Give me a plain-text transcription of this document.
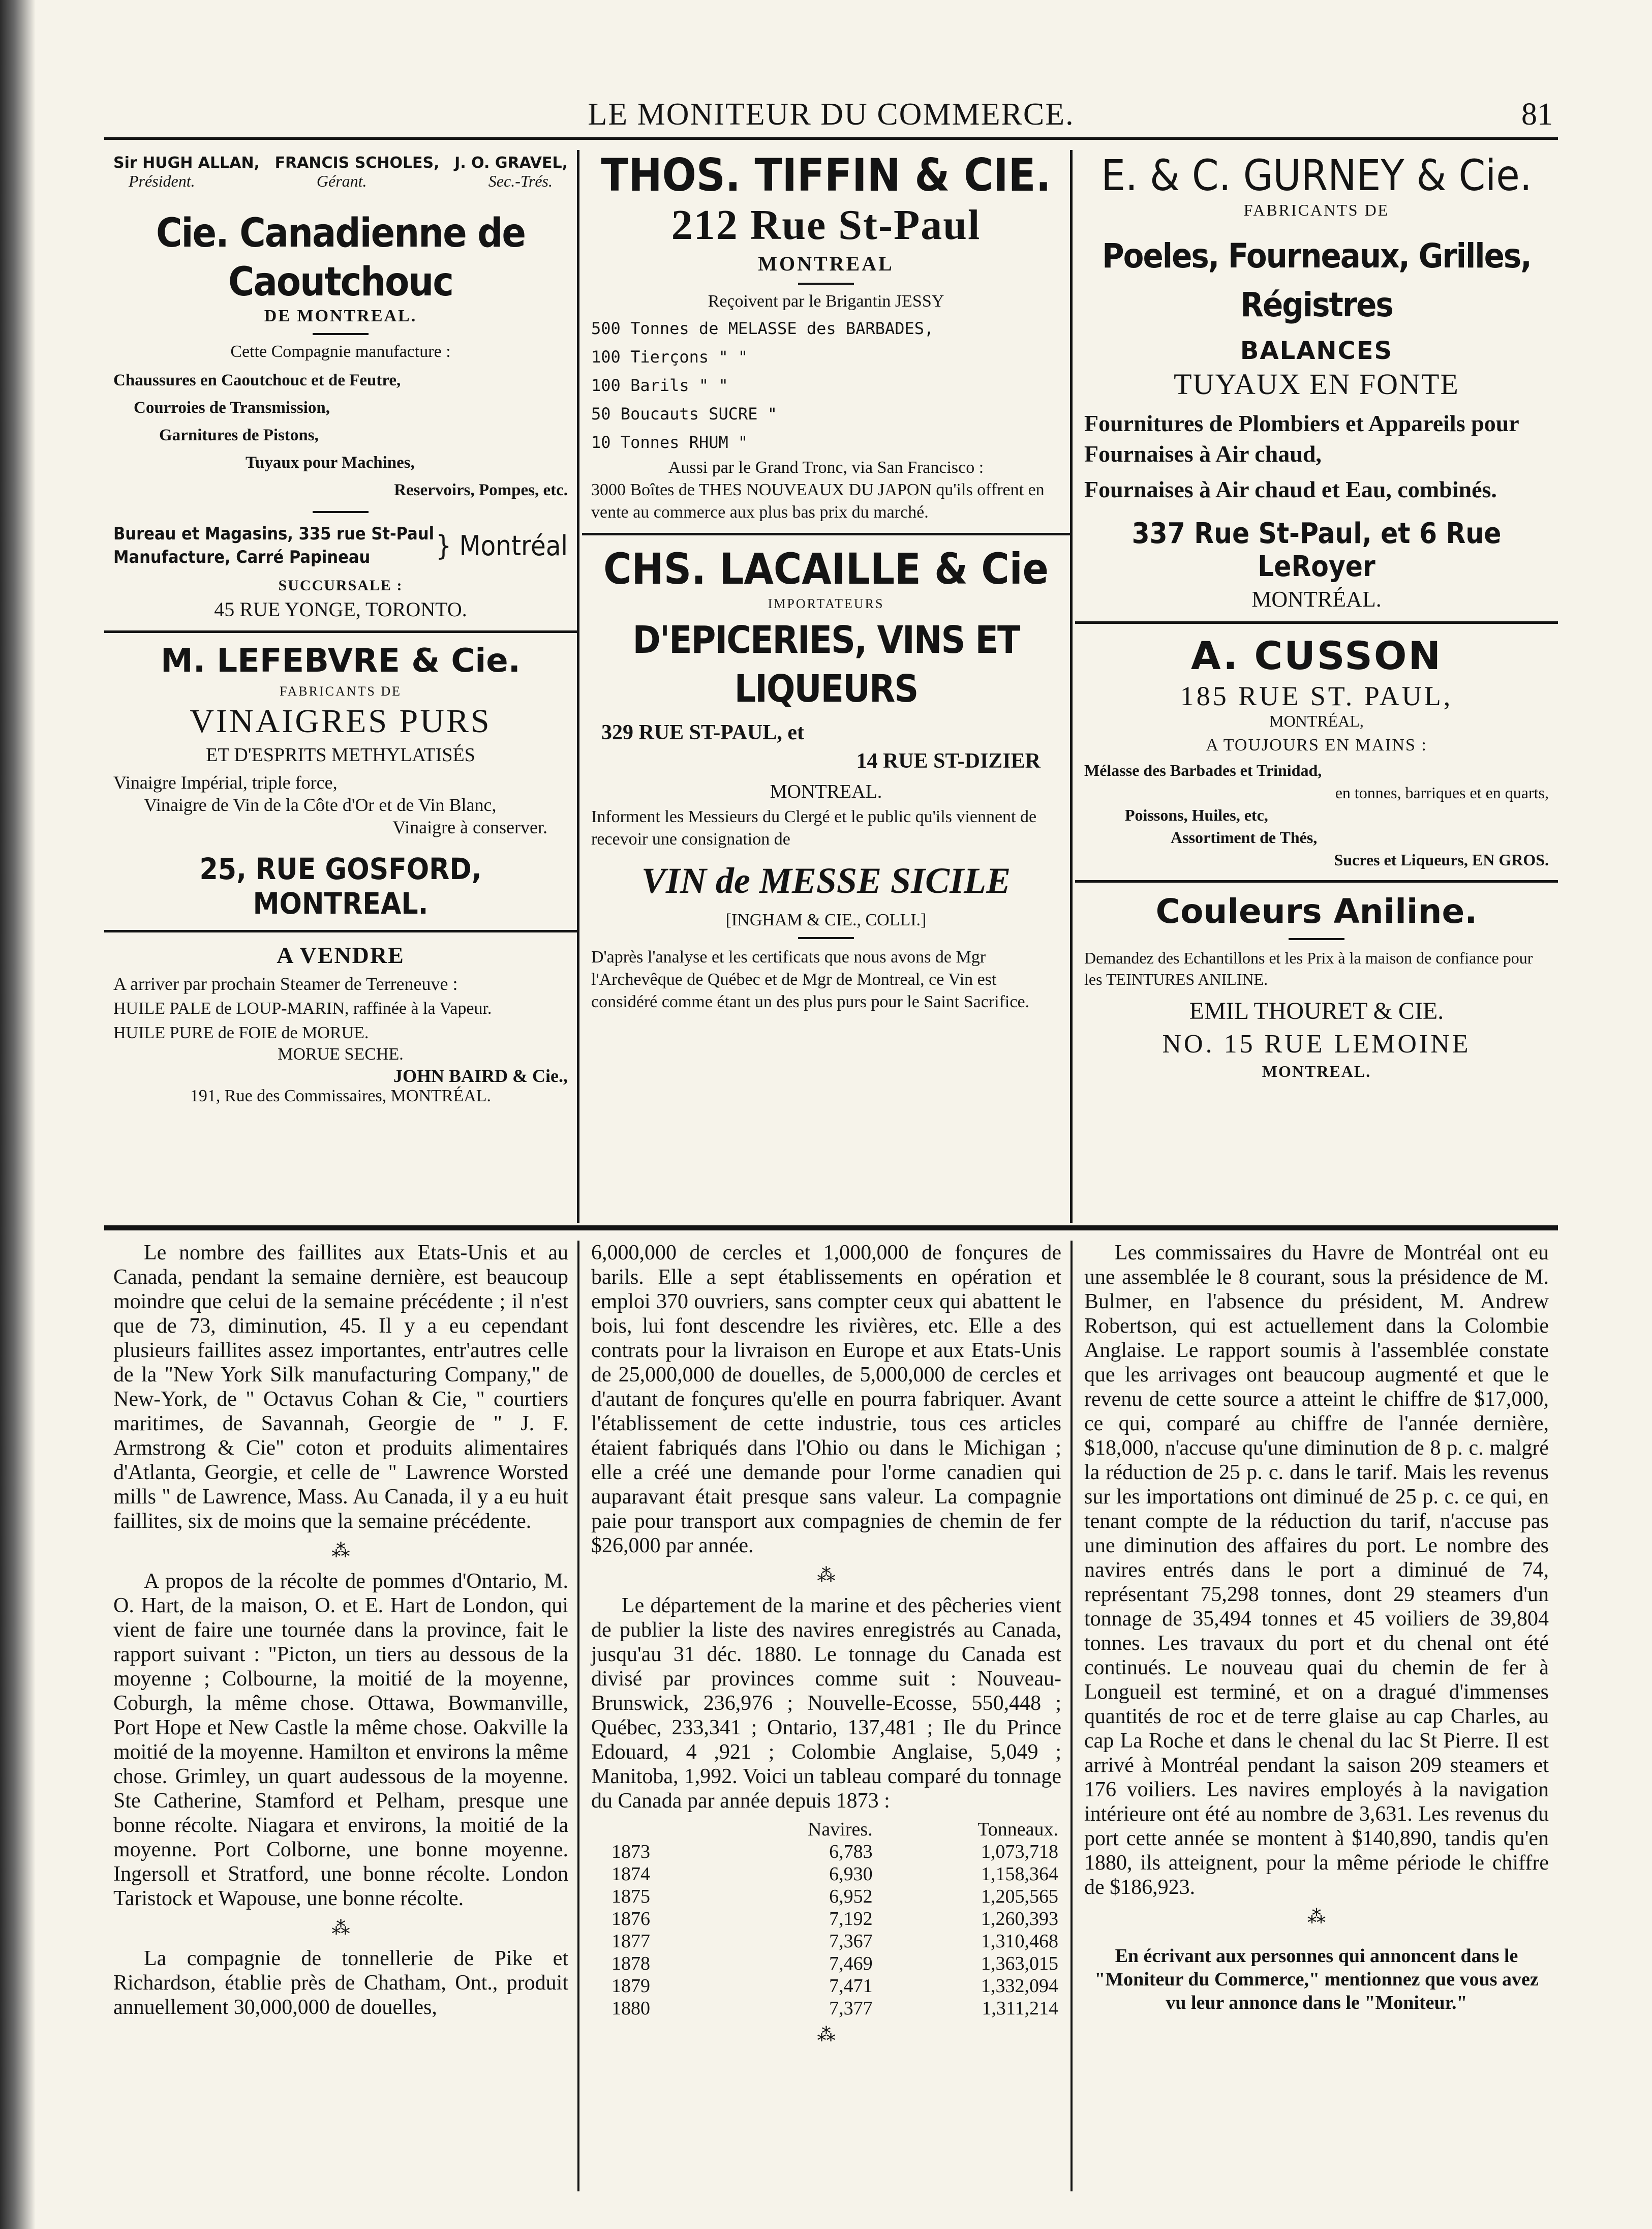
LE MONITEUR DU COMMERCE.	81
Sir HUGH ALLAN, FRANCIS SCHOLES, J. O. GRAVEL,
Président.	Gérant.	Sec.-Trés.
Cie. Canadienne de Caoutchouc
DE MONTREAL.
Cette Compagnie manufacture :
Chaussures en Caoutchouc et de Feutre,
Courroies de Transmission,
Garnitures de Pistons,
Tuyaux pour Machines,
Reservoirs, Pompes, etc.
Bureau et Magasins, 335 rue St-Paul
Manufacture, Carré Papineau	} Montréal
SUCCURSALE :
45 RUE YONGE, TORONTO.
M. LEFEBVRE & Cie.
FABRICANTS DE
VINAIGRES PURS
ET D'ESPRITS METHYLATISÉS
Vinaigre Impérial, triple force,
Vinaigre de Vin de la Côte d'Or et de Vin Blanc,
Vinaigre à conserver.
25, RUE GOSFORD, MONTREAL.
A VENDRE
A arriver par prochain Steamer de Terreneuve :
HUILE PALE de LOUP-MARIN, raffinée à la Vapeur.
HUILE PURE de FOIE de MORUE.
MORUE SECHE.
JOHN BAIRD & Cie.,
191, Rue des Commissaires, MONTRÉAL.
THOS. TIFFIN & CIE.
212 Rue St-Paul
MONTREAL
Reçoivent par le Brigantin JESSY
500 Tonnes de MELASSE des BARBADES,
100 Tierçons " "
100 Barils " "
50 Boucauts SUCRE "
10 Tonnes RHUM "
Aussi par le Grand Tronc, via San Francisco :
3000 Boîtes de THES NOUVEAUX DU JAPON qu'ils offrent en vente au commerce aux plus bas prix du marché.
CHS. LACAILLE & Cie
IMPORTATEURS
D'EPICERIES, VINS ET LIQUEURS
329 RUE ST-PAUL, et
14 RUE ST-DIZIER
MONTREAL.
Informent les Messieurs du Clergé et le public qu'ils viennent de recevoir une consignation de
VIN de MESSE SICILE
[INGHAM & CIE., COLLI.]
D'après l'analyse et les certificats que nous avons de Mgr l'Archevêque de Québec et de Mgr de Montreal, ce Vin est considéré comme étant un des plus purs pour le Saint Sacrifice.
E. & C. GURNEY & Cie.
FABRICANTS DE
Poeles, Fourneaux, Grilles, Régistres
BALANCES
TUYAUX EN FONTE
Fournitures de Plombiers et Appareils pour Fournaises à Air chaud,
Fournaises à Air chaud et Eau, combinés.
337 Rue St-Paul, et 6 Rue LeRoyer
MONTRÉAL.
A. CUSSON
185 RUE ST. PAUL,
MONTRÉAL,
A TOUJOURS EN MAINS :
Mélasse des Barbades et Trinidad,
en tonnes, barriques et en quarts,
Poissons, Huiles, etc,
Assortiment de Thés,
Sucres et Liqueurs, EN GROS.
Couleurs Aniline.
Demandez des Echantillons et les Prix à la maison de confiance pour les TEINTURES ANILINE.
EMIL THOURET & CIE.
NO. 15 RUE LEMOINE
MONTREAL.

Le nombre des faillites aux Etats-Unis et au Canada, pendant la semaine dernière, est beaucoup moindre que celui de la semaine précédente ; il n'est que de 73, diminution, 45. Il y a eu cependant plusieurs faillites assez importantes, entr'autres celle de la "New York Silk manufacturing Company," de New-York, de " Octavus Cohan & Cie, " courtiers maritimes, de Savannah, Georgie de " J. F. Armstrong & Cie" coton et produits alimentaires d'Atlanta, Georgie, et celle de " Lawrence Worsted mills " de Lawrence, Mass. Au Canada, il y a eu huit faillites, six de moins que la semaine précédente.

⁂

A propos de la récolte de pommes d'Ontario, M. O. Hart, de la maison, O. et E. Hart de London, qui vient de faire une tournée dans la province, fait le rapport suivant : "Picton, un tiers au dessous de la moyenne ; Colbourne, la moitié de la moyenne, Coburgh, la même chose. Ottawa, Bowmanville, Port Hope et New Castle la même chose. Oakville la moitié de la moyenne. Hamilton et environs la même chose. Grimley, un quart audessous de la moyenne. Ste Catherine, Stamford et Pelham, presque une bonne récolte. Niagara et environs, la moitié de la moyenne. Port Colborne, une bonne moyenne. Ingersoll et Stratford, une bonne récolte. London Taristock et Wapouse, une bonne récolte.

⁂

La compagnie de tonnellerie de Pike et Richardson, établie près de Chatham, Ont., produit annuellement 30,000,000 de douelles,

6,000,000 de cercles et 1,000,000 de fonçures de barils. Elle a sept établissements en opération et emploi 370 ouvriers, sans compter ceux qui abattent le bois, lui font descendre les rivières, etc. Elle a des contrats pour la livraison en Europe et aux Etats-Unis de 25,000,000 de douelles, de 5,000,000 de cercles et d'autant de fonçures qu'elle en pourra fabriquer. Avant l'établissement de cette industrie, tous ces articles étaient fabriqués dans l'Ohio ou dans le Michigan ; elle a créé une demande pour l'orme canadien qui auparavant était presque sans valeur. La compagnie paie pour transport aux compagnies de chemin de fer $26,000 par année.

⁂

Le département de la marine et des pêcheries vient de publier la liste des navires enregistrés au Canada, jusqu'au 31 déc. 1880. Le tonnage du Canada est divisé par provinces comme suit : Nouveau-Brunswick, 236,976 ; Nouvelle-Ecosse, 550,448 ; Québec, 233,341 ; Ontario, 137,481 ; Ile du Prince Edouard, 4 ,921 ; Colombie Anglaise, 5,049 ; Manitoba, 1,992. Voici un tableau comparé du tonnage du Canada par année depuis 1873 :

	Navires.	Tonneaux.
1873	6,783	1,073,718
1874	6,930	1,158,364
1875	6,952	1,205,565
1876	7,192	1,260,393
1877	7,367	1,310,468
1878	7,469	1,363,015
1879	7,471	1,332,094
1880	7,377	1,311,214
⁂

Les commissaires du Havre de Montréal ont eu une assemblée le 8 courant, sous la présidence de M. Bulmer, en l'absence du président, M. Andrew Robertson, qui est actuellement dans la Colombie Anglaise. Le rapport soumis à l'assemblée constate que les arrivages ont beaucoup augmenté et que le revenu de cette source a atteint le chiffre de $17,000, ce qui, comparé au chiffre de l'année dernière, $18,000, n'accuse qu'une diminution de 8 p. c. malgré la réduction de 25 p. c. dans le tarif. Mais les revenus sur les importations ont diminué de 25 p. c. ce qui, en tenant compte de la réduction du tarif, n'accuse pas une diminution des affaires du port. Le nombre des navires entrés dans le port a diminué de 74, représentant 75,298 tonnes, dont 29 steamers d'un tonnage de 35,494 tonnes et 45 voiliers de 39,804 tonnes. Les travaux du port et du chenal ont été continués. Le nouveau quai du chemin de fer à Longueil est terminé, et on a dragué d'immenses quantités de roc et de terre glaise au cap Charles, au cap La Roche et dans le chenal du lac St Pierre. Il est arrivé à Montréal pendant la saison 209 steamers et 176 voiliers. Les navires employés à la navigation intérieure ont été au nombre de 3,631. Les revenus du port cette année se montent à $140,890, tandis qu'en 1880, ils atteignent, pour la même période le chiffre de $186,923.

⁂

En écrivant aux personnes qui annoncent dans le "Moniteur du Commerce," mentionnez que vous avez vu leur annonce dans le "Moniteur."
